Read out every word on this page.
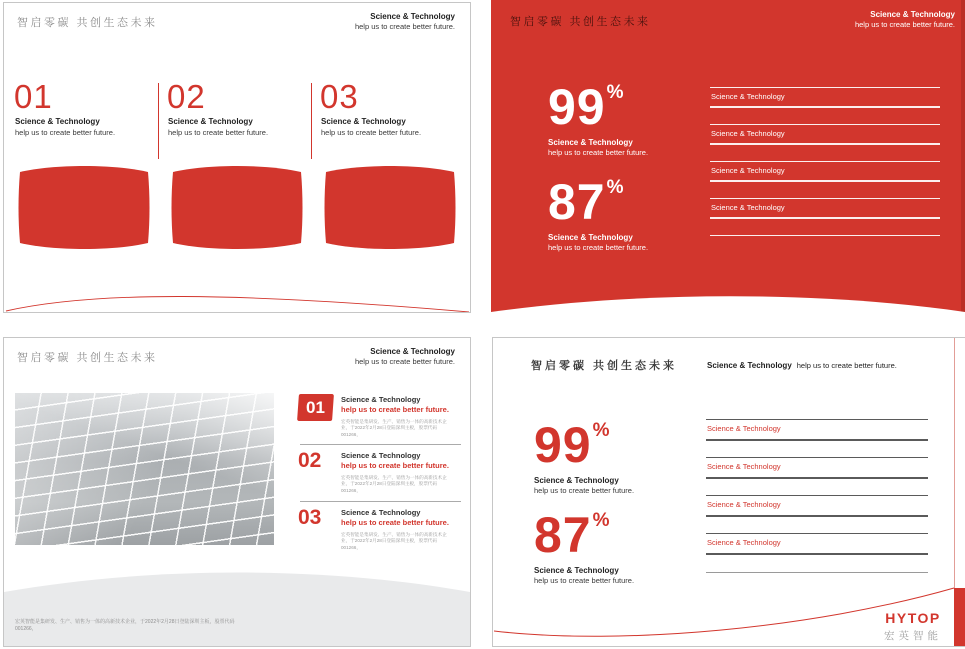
智启零碳 共创生态未来
Science & Technology
help us to create better future.
01
Science & Technology
help us to create better future.
02
Science & Technology
help us to create better future.
03
Science & Technology
help us to create better future.
智启零碳 共创生态未来
Science & Technology
help us to create better future.
99%
Science & Technology
help us to create better future.
87%
Science & Technology
help us to create better future.
Science & Technology
Science & Technology
Science & Technology
Science & Technology
智启零碳 共创生态未来
Science & Technology
help us to create better future.
01	Science & Technology
help us to create better future.
宏英智能是集研发、生产、销售为一体的高新技术企业，于2022年2月28日登陆深圳主板，股票代码001266，
02	Science & Technology
help us to create better future.
宏英智能是集研发、生产、销售为一体的高新技术企业，于2022年2月28日登陆深圳主板，股票代码001266，
03	Science & Technology
help us to create better future.
宏英智能是集研发、生产、销售为一体的高新技术企业，于2022年2月28日登陆深圳主板，股票代码001266，
宏英智能是集研发、生产、销售为一体的高新技术企业，于2022年2月28日登陆深圳主板，股票代码001266，
智启零碳 共创生态未来	Science & Technology help us to create better future.
99%
Science & Technology
help us to create better future.
87%
Science & Technology
help us to create better future.
Science & Technology
Science & Technology
Science & Technology
Science & Technology
HYTOP
宏英智能
